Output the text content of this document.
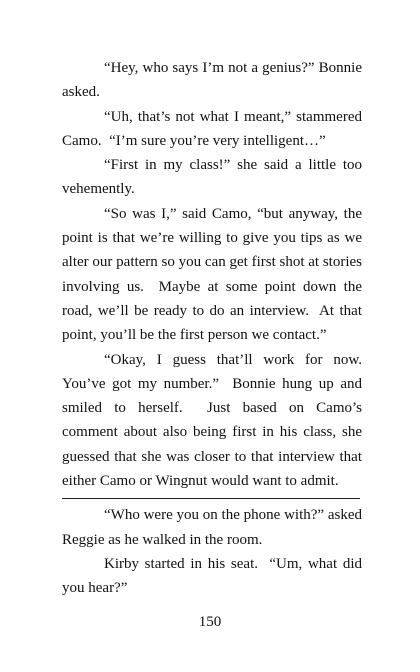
“Hey, who says I’m not a genius?” Bonnie asked.

“Uh, that’s not what I meant,” stammered Camo.  “I’m sure you’re very intelligent…”

“First in my class!” she said a little too vehemently.

“So was I,” said Camo, “but anyway, the point is that we’re willing to give you tips as we alter our pattern so you can get first shot at stories involving us.  Maybe at some point down the road, we’ll be ready to do an interview.  At that point, you’ll be the first person we contact.”

“Okay, I guess that’ll work for now.  You’ve got my number.”  Bonnie hung up and smiled to herself.  Just based on Camo’s comment about also being first in his class, she guessed that she was closer to that interview that either Camo or Wingnut would want to admit.

“Who were you on the phone with?” asked Reggie as he walked in the room.

Kirby started in his seat.  “Um, what did you hear?”

150
